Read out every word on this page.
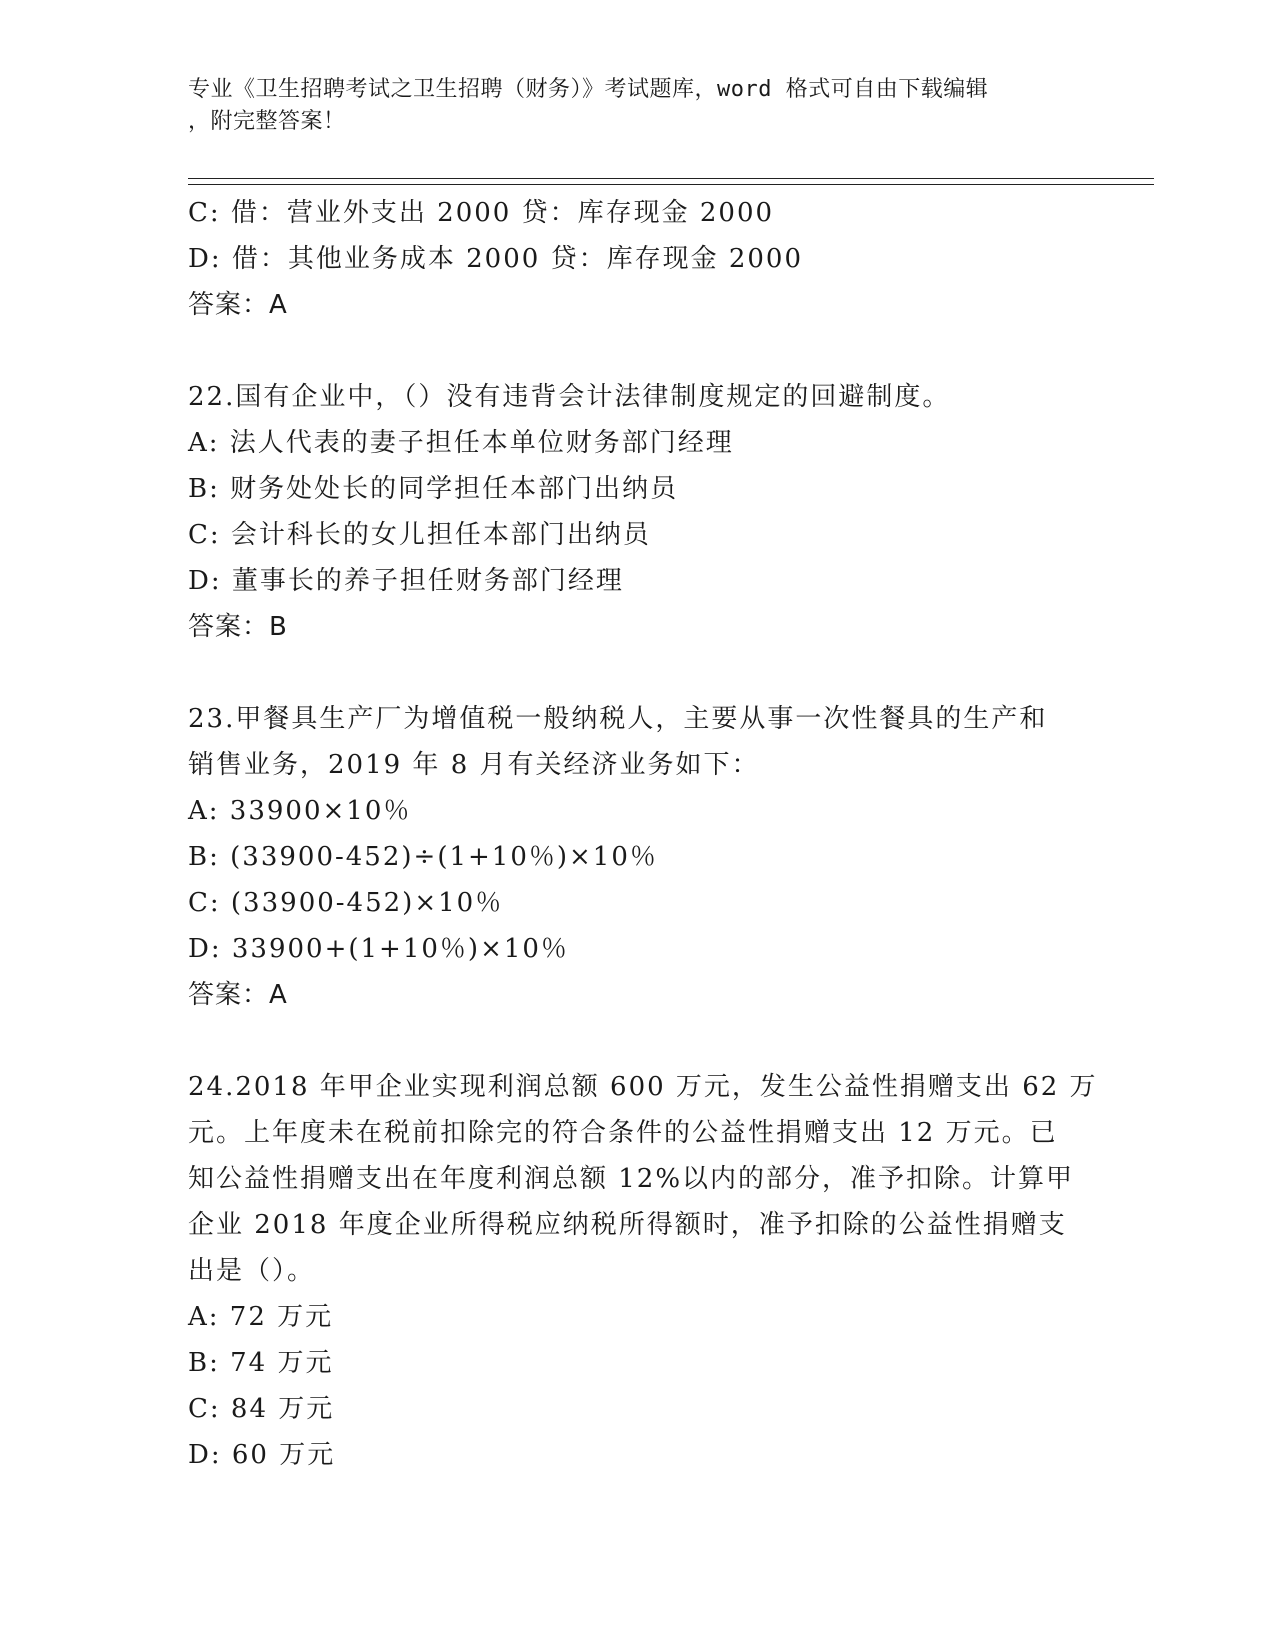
专业《卫生招聘考试之卫生招聘（财务）》考试题库，word 格式可自由下载编辑
，附完整答案！
C: 借：营业外支出 2000 贷：库存现金 2000
D: 借：其他业务成本 2000 贷：库存现金 2000
答案：A
22.国有企业中，（）没有违背会计法律制度规定的回避制度。
A: 法人代表的妻子担任本单位财务部门经理
B: 财务处处长的同学担任本部门出纳员
C: 会计科长的女儿担任本部门出纳员
D: 董事长的养子担任财务部门经理
答案：B
23.甲餐具生产厂为增值税一般纳税人，主要从事一次性餐具的生产和
销售业务，2019 年 8 月有关经济业务如下：
A: 33900×10％
B: (33900-452)÷(1+10％)×10％
C: (33900-452)×10％
D: 33900+(1+10％)×10％
答案：A
24.2018 年甲企业实现利润总额 600 万元，发生公益性捐赠支出 62 万
元。上年度未在税前扣除完的符合条件的公益性捐赠支出 12 万元。已
知公益性捐赠支出在年度利润总额 12%以内的部分，准予扣除。计算甲
企业 2018 年度企业所得税应纳税所得额时，准予扣除的公益性捐赠支
出是（）。
A: 72 万元
B: 74 万元
C: 84 万元
D: 60 万元
